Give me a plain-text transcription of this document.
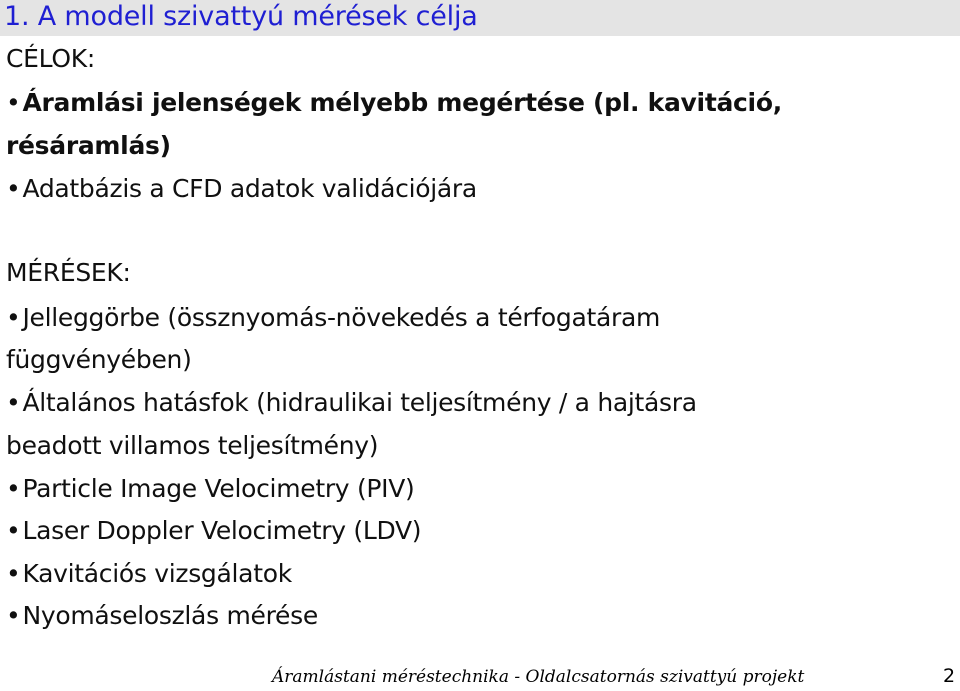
1. A modell szivattyú mérések célja
CÉLOK:
•Áramlási jelenségek mélyebb megértése (pl. kavitáció,
résáramlás)
•Adatbázis a CFD adatok validációjára
MÉRÉSEK:
•Jelleggörbe (össznyomás-növekedés a térfogatáram
függvényében)
•Általános hatásfok (hidraulikai teljesítmény / a hajtásra
beadott villamos teljesítmény)
•Particle Image Velocimetry (PIV)
•Laser Doppler Velocimetry (LDV)
•Kavitációs vizsgálatok
•Nyomáseloszlás mérése
Áramlástani méréstechnika - Oldalcsatornás szivattyú projekt	2
